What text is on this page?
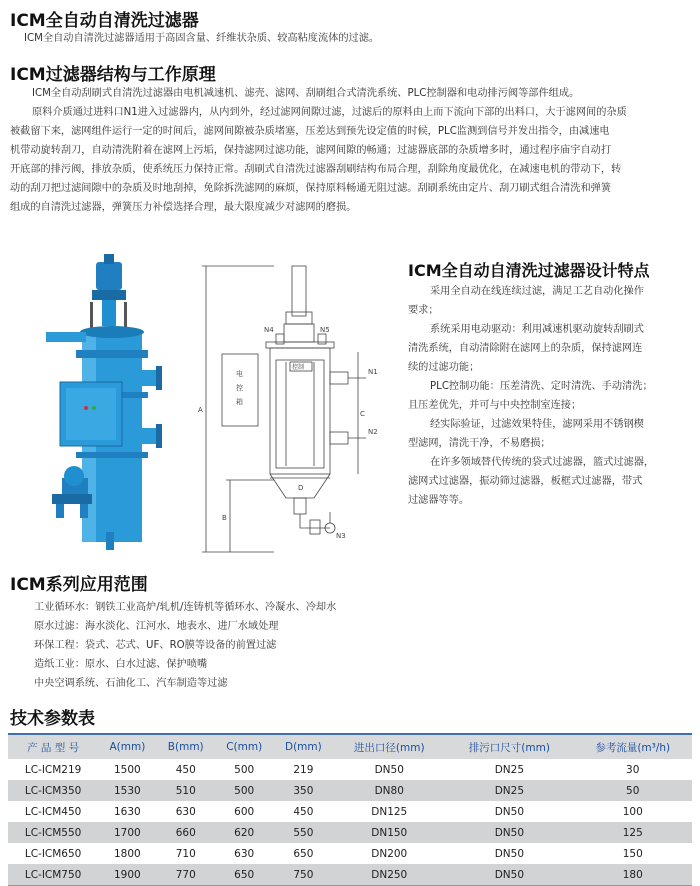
ICM全自动自清洗过滤器
ICM全自动自清洗过滤器适用于高固含量、纤维状杂质、较高粘度流体的过滤。
ICM过滤器结构与工作原理
ICM全自动刮刷式自清洗过滤器由电机减速机、滤壳、滤网、刮刷组合式清洗系统、PLC控制器和电动排污阀等部件组成。
原料介质通过进料口N1进入过滤器内，从内到外，经过滤网间隙过滤，过滤后的原料由上而下流向下部的出料口，大于滤网间的杂质
被截留下来，滤网组件运行一定的时间后，滤网间隙被杂质堵塞，压差达到预先设定值的时候，PLC监测到信号并发出指令，由减速电
机带动旋转刮刀，自动清洗附着在滤网上污垢，保持滤网过滤功能，滤网间隙的畅通；过滤器底部的杂质增多时，通过程序庙宇自动打
开底部的排污阀，排放杂质，使系统压力保持正常。刮刷式自清洗过滤器刮刷结构布局合理，刮除角度最优化，在减速电机的带动下，转
动的刮刀把过滤间隙中的杂质及时地刮掉，免除拆洗滤网的麻烦，保持原料畅通无阻过滤。刮刷系统由定片、刮刀刷式组合清洗和弹簧
组成的自清洗过滤器，弹簧压力补偿选择合理，最大限度减少对滤网的磨损。
N4	N5
N1
N2
N3
A
B
C
D
电
控
箱
控制
ICM全自动自清洗过滤器设计特点
采用全自动在线连续过滤，满足工艺自动化操作
要求；
系统采用电动驱动：利用减速机驱动旋转刮刷式
清洗系统，自动清除附在滤网上的杂质，保持滤网连
续的过滤功能；
PLC控制功能：压差清洗、定时清洗、手动清洗；
且压差优先，并可与中央控制室连接；
经实际验证，过滤效果特佳，滤网采用不锈钢楔
型滤网，清洗干净，不易磨损；
在许多领域替代传统的袋式过滤器，篮式过滤器，
滤网式过滤器，振动筛过滤器，板框式过滤器，带式
过滤器等等。
ICM系列应用范围
工业循环水：钢铁工业高炉/轧机/连铸机等循环水、冷凝水、冷却水
原水过滤：海水淡化、江河水、地表水、进厂水域处理
环保工程：袋式、芯式、UF、RO膜等设备的前置过滤
造纸工业：原水、白水过滤、保护喷嘴
中央空调系统、石油化工、汽车制造等过滤
技术参数表
产 品 型 号	A(mm)	B(mm)	C(mm)	D(mm)	进出口径(mm)	排污口尺寸(mm)	参考流量(m³/h)
LC-ICM219	1500	450	500	219	DN50	DN25	30
LC-ICM350	1530	510	500	350	DN80	DN25	50
LC-ICM450	1630	630	600	450	DN125	DN50	100
LC-ICM550	1700	660	620	550	DN150	DN50	125
LC-ICM650	1800	710	630	650	DN200	DN50	150
LC-ICM750	1900	770	650	750	DN250	DN50	180
